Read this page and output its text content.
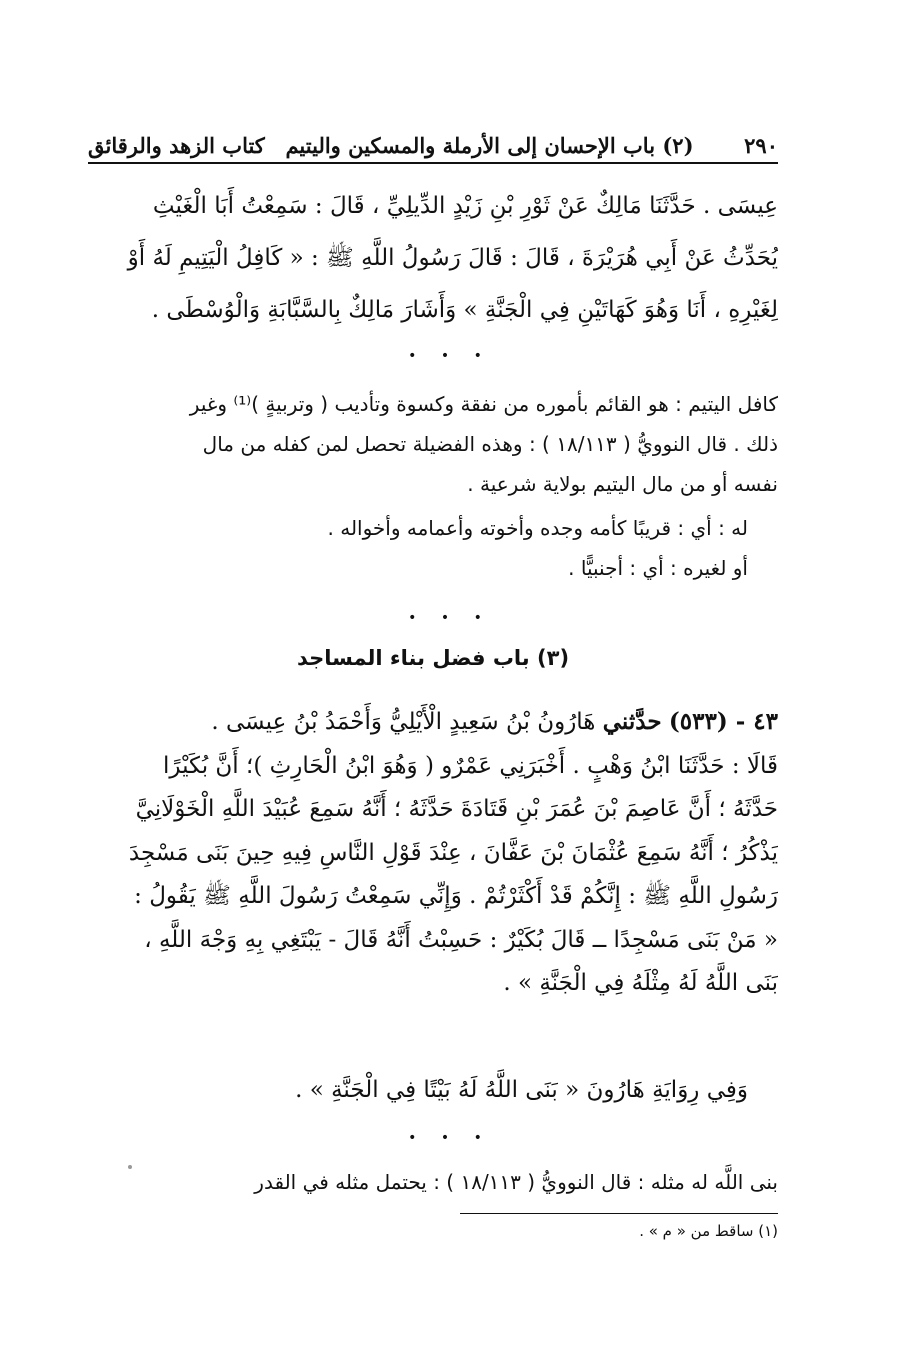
٢٩٠
(٢) باب الإحسان إلى الأرملة والمسكين واليتيم
كتاب الزهد والرقائق
عِيسَى . حَدَّثَنَا مَالِكٌ عَنْ ثَوْرِ بْنِ زَيْدٍ الدِّيلِيِّ ، قَالَ : سَمِعْتُ أَبَا الْغَيْثِ
يُحَدِّثُ عَنْ أَبِي هُرَيْرَةَ ، قَالَ : قَالَ رَسُولُ اللَّهِ ﷺ : « كَافِلُ الْيَتِيمِ لَهُ أَوْ
لِغَيْرِهِ ، أَنَا وَهُوَ كَهَاتَيْنِ فِي الْجَنَّةِ » وَأَشَارَ مَالِكٌ بِالسَّبَّابَةِ وَالْوُسْطَى .
• • •
كافل اليتيم : هو القائم بأموره من نفقة وكسوة وتأديب ( وتربيةٍ )⁽¹⁾ وغير
ذلك . قال النوويُّ ( ١٨/١١٣ ) : وهذه الفضيلة تحصل لمن كفله من مال
نفسه أو من مال اليتيم بولاية شرعية .
له : أي : قريبًا كأمه وجده وأخوته وأعمامه وأخواله .
أو لغيره : أي : أجنبيًّا .
• • •
(٣) باب فضل بناء المساجد
٤٣ - (٥٣٣) حدَّثني هَارُونُ بْنُ سَعِيدٍ الْأَيْلِيُّ وَأَحْمَدُ بْنُ عِيسَى .
قَالَا : حَدَّثَنَا ابْنُ وَهْبٍ . أَخْبَرَنِي عَمْرٌو ( وَهُوَ ابْنُ الْحَارِثِ )؛ أَنَّ بُكَيْرًا
حَدَّثَهُ ؛ أَنَّ عَاصِمَ بْنَ عُمَرَ بْنِ قَتَادَةَ حَدَّثَهُ ؛ أَنَّهُ سَمِعَ عُبَيْدَ اللَّهِ الْخَوْلَانِيَّ
يَذْكُرُ ؛ أَنَّهُ سَمِعَ عُثْمَانَ بْنَ عَفَّانَ ، عِنْدَ قَوْلِ النَّاسِ فِيهِ حِينَ بَنَى مَسْجِدَ
رَسُولِ اللَّهِ ﷺ : إِنَّكُمْ قَدْ أَكْثَرْتُمْ . وَإِنِّي سَمِعْتُ رَسُولَ اللَّهِ ﷺ يَقُولُ :
« مَنْ بَنَى مَسْجِدًا ــ قَالَ بُكَيْرٌ : حَسِبْتُ أَنَّهُ قَالَ - يَبْتَغِي بِهِ وَجْهَ اللَّهِ ،
بَنَى اللَّهُ لَهُ مِثْلَهُ فِي الْجَنَّةِ » .
وَفِي رِوَايَةِ هَارُونَ « بَنَى اللَّهُ لَهُ بَيْتًا فِي الْجَنَّةِ » .
• • •
بنى اللَّه له مثله : قال النوويُّ ( ١٨/١١٣ ) : يحتمل مثله في القدر
(١) ساقط من « م » .
